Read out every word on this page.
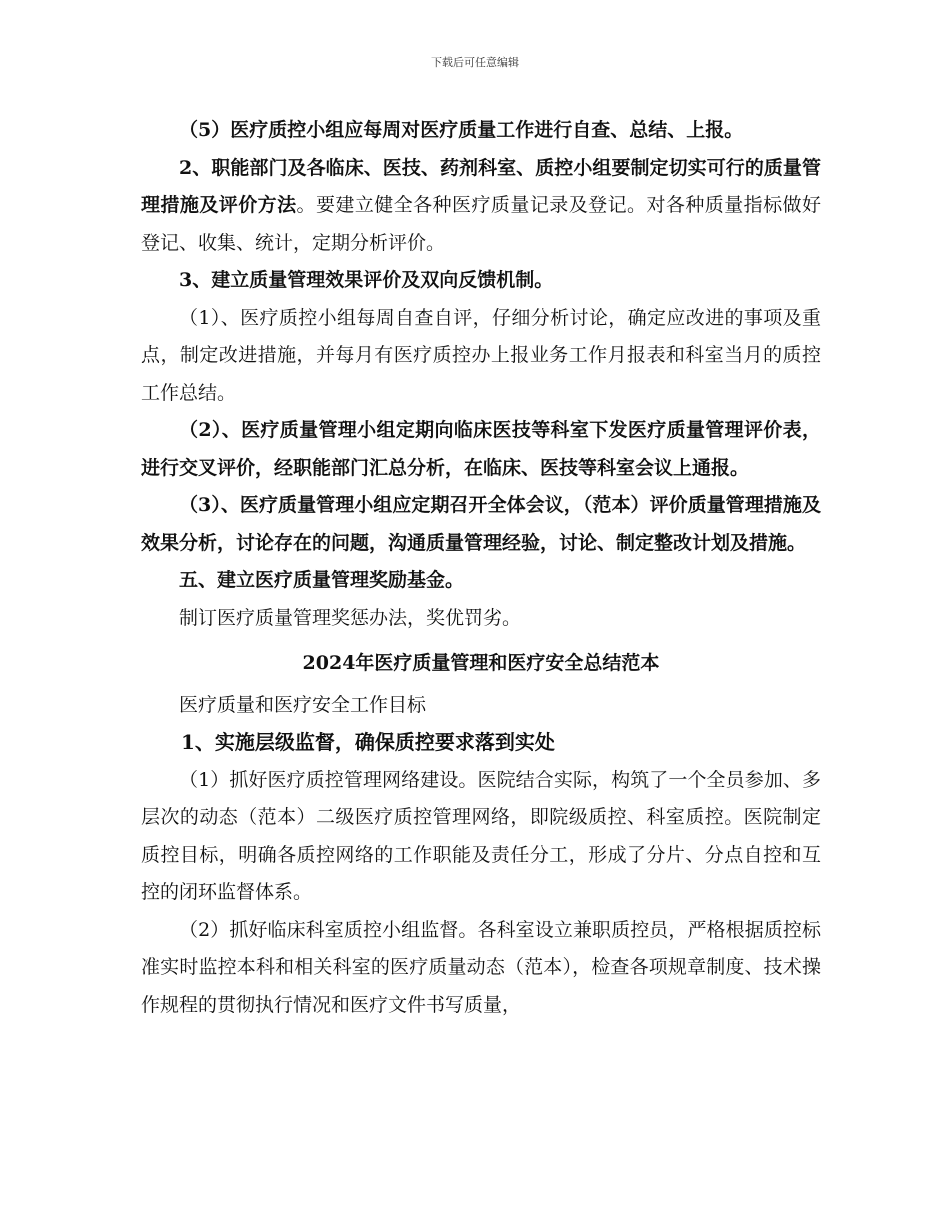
下载后可任意编辑

（5）医疗质控小组应每周对医疗质量工作进行自查、总结、上报。

2、职能部门及各临床、医技、药剂科室、质控小组要制定切实可行的质量管理措施及评价方法。要建立健全各种医疗质量记录及登记。对各种质量指标做好登记、收集、统计，定期分析评价。

3、建立质量管理效果评价及双向反馈机制。

（1）、医疗质控小组每周自查自评，仔细分析讨论，确定应改进的事项及重点，制定改进措施，并每月有医疗质控办上报业务工作月报表和科室当月的质控工作总结。

（2）、医疗质量管理小组定期向临床医技等科室下发医疗质量管理评价表，进行交叉评价，经职能部门汇总分析，在临床、医技等科室会议上通报。

（3）、医疗质量管理小组应定期召开全体会议，（范本）评价质量管理措施及效果分析，讨论存在的问题，沟通质量管理经验，讨论、制定整改计划及措施。

五、建立医疗质量管理奖励基金。

制订医疗质量管理奖惩办法，奖优罚劣。

2024年医疗质量管理和医疗安全总结范本

医疗质量和医疗安全工作目标

1、实施层级监督，确保质控要求落到实处

（1）抓好医疗质控管理网络建设。医院结合实际，构筑了一个全员参加、多层次的动态（范本）二级医疗质控管理网络，即院级质控、科室质控。医院制定质控目标，明确各质控网络的工作职能及责任分工，形成了分片、分点自控和互控的闭环监督体系。

（2）抓好临床科室质控小组监督。各科室设立兼职质控员，严格根据质控标准实时监控本科和相关科室的医疗质量动态（范本），检查各项规章制度、技术操作规程的贯彻执行情况和医疗文件书写质量，
